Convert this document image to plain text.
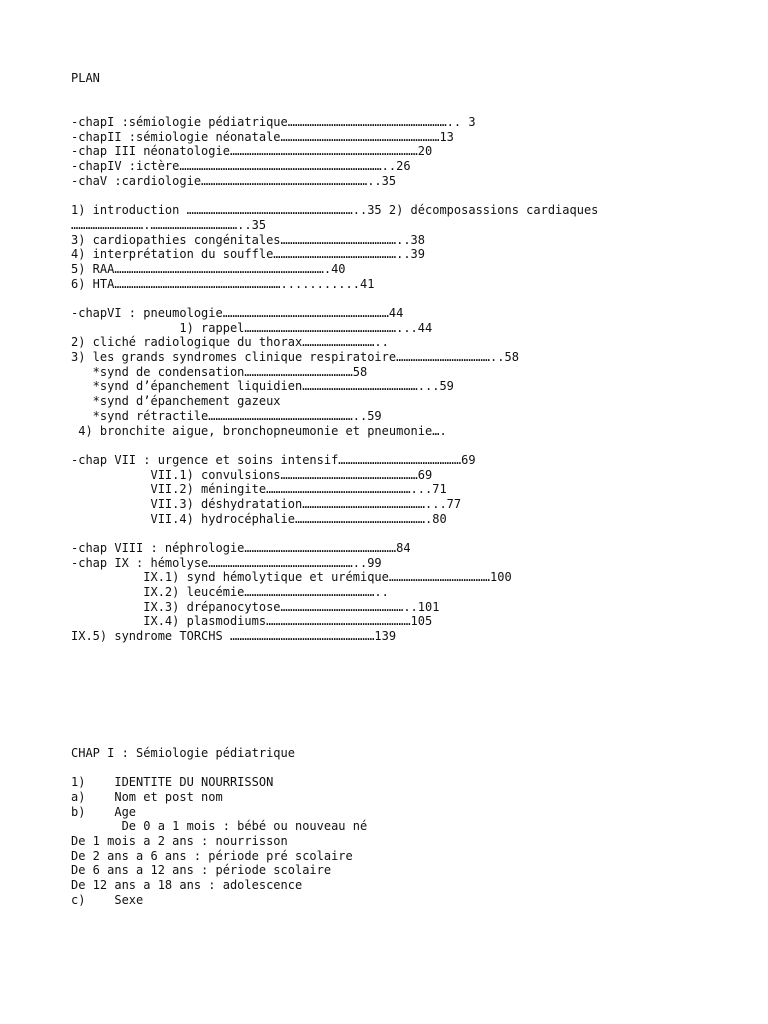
PLAN
-chapI :sémiologie pédiatrique………………………………………………………….. 3
-chapII :sémiologie néonatale…………………………………………………………13
-chap III néonatologie……………………………………………………………………20
-chapIV :ictère…………………………………………………………………………..26
-chaV :cardiologie……………………………………………………………..35
1) introduction ……………………………………………………………..35 2) décomposassions cardiaques ………………………….………………………………..35
3) cardiopathies congénitales…………………………………………..38
4) interprétation du souffle……………………………………………..39
5) RAA…………………………………………………………………………….40
6) HTA……………………………………………………………...........41
-chapVI : pneumologie……………………………………………………………44
1) rappel………………………………………………………...44
2) cliché radiologique du thorax…………………………..
3) les grands syndromes clinique respiratoire…………………………………..58
*synd de condensation………………………………………58
*synd d’épanchement liquidien…………………………………………...59
*synd d’épanchement gazeux
*synd rétractile……………………………………………………..59
4) bronchite aigue, bronchopneumonie et pneumonie….
-chap VII : urgence et soins intensif……………………………………………69
VII.1) convulsions…………………………………………………69
VII.2) méningite……………………………………………………...71
VII.3) déshydratation……………………………………………...77
VII.4) hydrocéphalie……………………………………………….80
-chap VIII : néphrologie………………………………………………………84
-chap IX : hémolyse……………………………………………………..99
IX.1) synd hémolytique et urémique……………………………………100
IX.2) leucémie………………………………………………..
IX.3) drépanocytose……………………………………………..101
IX.4) plasmodiums……………………………………………………105
IX.5) syndrome TORCHS ……………………………………………………139
CHAP I : Sémiologie pédiatrique
1)    IDENTITE DU NOURRISSON
a)    Nom et post nom
b)    Age
De 0 a 1 mois : bébé ou nouveau né
De 1 mois a 2 ans : nourrisson
De 2 ans a 6 ans : période pré scolaire
De 6 ans a 12 ans : période scolaire
De 12 ans a 18 ans : adolescence
c)    Sexe
